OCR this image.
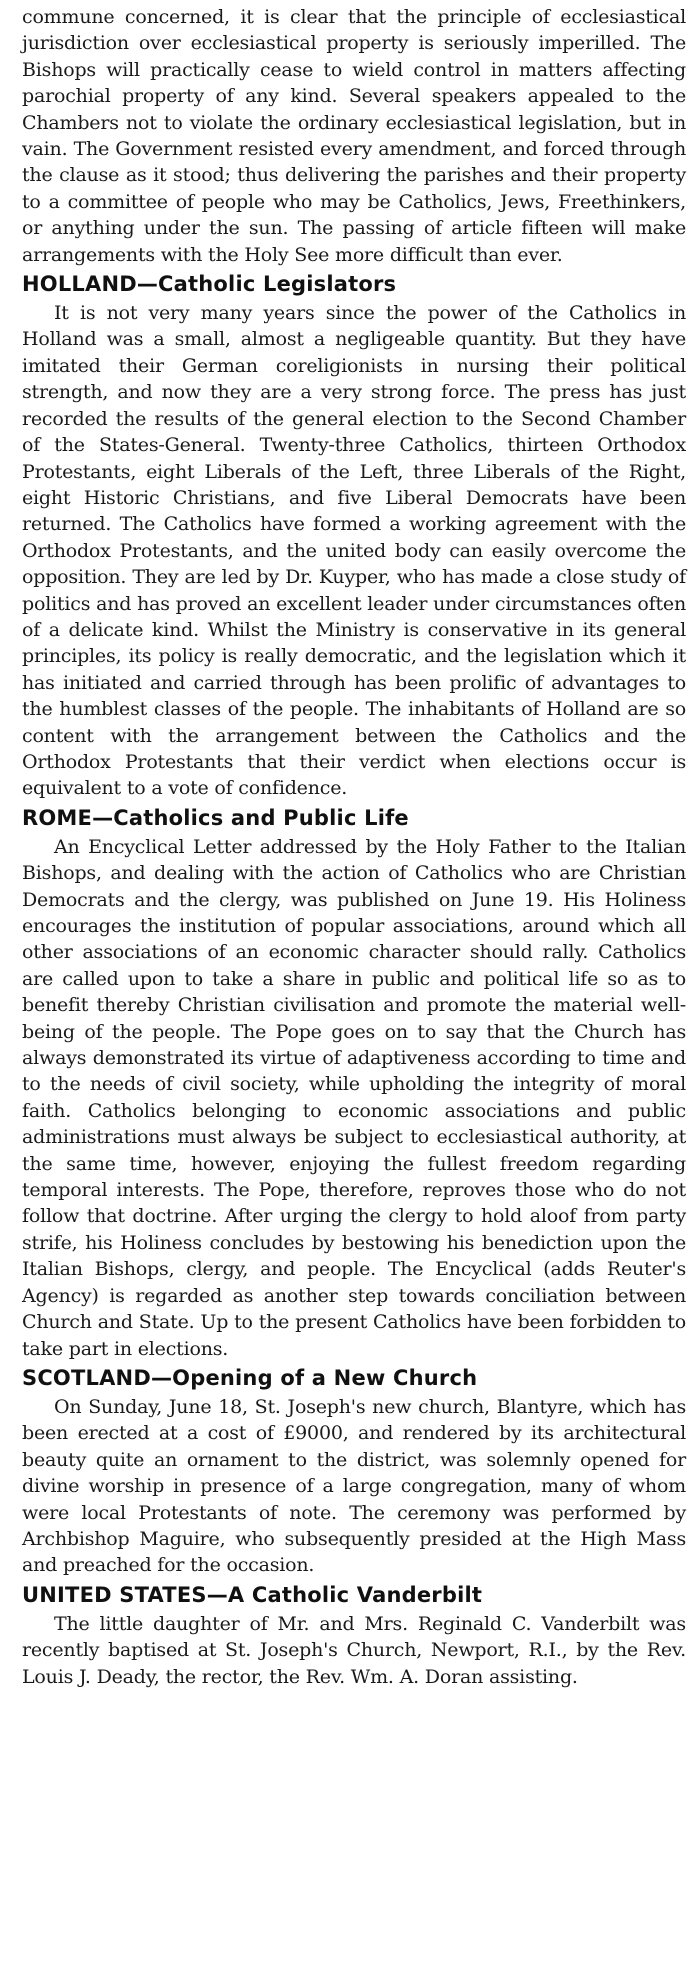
commune concerned, it is clear that the principle of ecclesiastical jurisdiction over ecclesiastical property is seriously imperilled. The Bishops will practically cease to wield control in matters affecting parochial property of any kind. Several speakers appealed to the Chambers not to violate the ordinary ecclesiastical legislation, but in vain. The Government resisted every amendment, and forced through the clause as it stood; thus delivering the parishes and their property to a committee of people who may be Catholics, Jews, Freethinkers, or anything under the sun. The passing of article fifteen will make arrangements with the Holy See more difficult than ever.

HOLLAND—Catholic Legislators

It is not very many years since the power of the Catholics in Holland was a small, almost a negligeable quantity. But they have imitated their German coreligionists in nursing their political strength, and now they are a very strong force. The press has just recorded the results of the general election to the Second Chamber of the States-General. Twenty-three Catholics, thirteen Orthodox Protestants, eight Liberals of the Left, three Liberals of the Right, eight Historic Christians, and five Liberal Democrats have been returned. The Catholics have formed a working agreement with the Orthodox Protestants, and the united body can easily overcome the opposition. They are led by Dr. Kuyper, who has made a close study of politics and has proved an excellent leader under circumstances often of a delicate kind. Whilst the Ministry is conservative in its general principles, its policy is really democratic, and the legislation which it has initiated and carried through has been prolific of advantages to the humblest classes of the people. The inhabitants of Holland are so content with the arrangement between the Catholics and the Orthodox Protestants that their verdict when elections occur is equivalent to a vote of confidence.

ROME—Catholics and Public Life

An Encyclical Letter addressed by the Holy Father to the Italian Bishops, and dealing with the action of Catholics who are Christian Democrats and the clergy, was published on June 19. His Holiness encourages the institution of popular associations, around which all other associations of an economic character should rally. Catholics are called upon to take a share in public and political life so as to benefit thereby Christian civilisation and promote the material well-being of the people. The Pope goes on to say that the Church has always demonstrated its virtue of adaptiveness according to time and to the needs of civil society, while upholding the integrity of moral faith. Catholics belonging to economic associations and public administrations must always be subject to ecclesiastical authority, at the same time, however, enjoying the fullest freedom regarding temporal interests. The Pope, therefore, reproves those who do not follow that doctrine. After urging the clergy to hold aloof from party strife, his Holiness concludes by bestowing his benediction upon the Italian Bishops, clergy, and people. The Encyclical (adds Reuter's Agency) is regarded as another step towards conciliation between Church and State. Up to the present Catholics have been forbidden to take part in elections.

SCOTLAND—Opening of a New Church

On Sunday, June 18, St. Joseph's new church, Blantyre, which has been erected at a cost of £9000, and rendered by its architectural beauty quite an ornament to the district, was solemnly opened for divine worship in presence of a large congregation, many of whom were local Protestants of note. The ceremony was performed by Archbishop Maguire, who subsequently presided at the High Mass and preached for the occasion.

UNITED STATES—A Catholic Vanderbilt

The little daughter of Mr. and Mrs. Reginald C. Vanderbilt was recently baptised at St. Joseph's Church, Newport, R.I., by the Rev. Louis J. Deady, the rector, the Rev. Wm. A. Doran assisting.
